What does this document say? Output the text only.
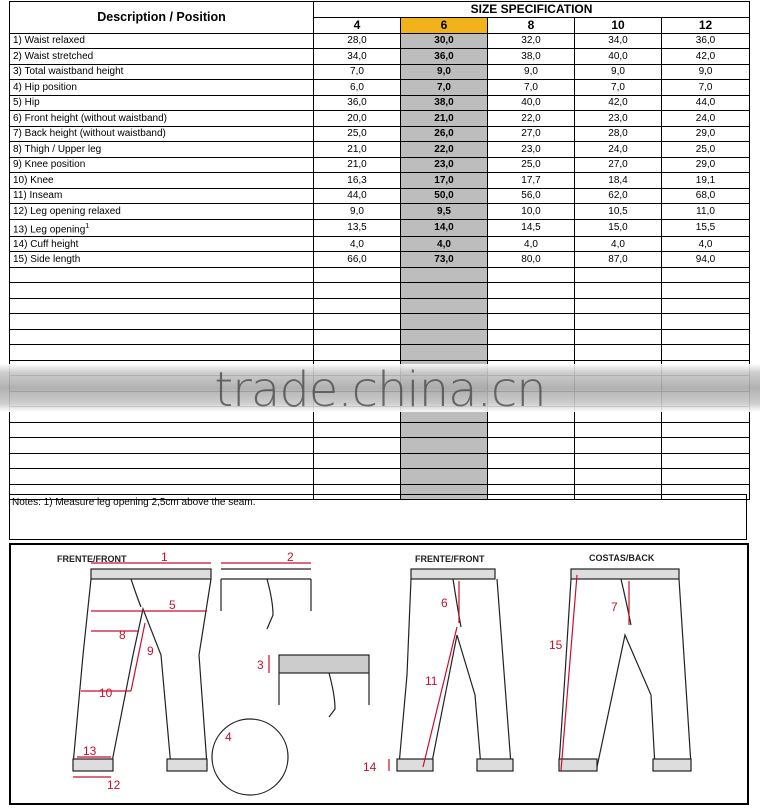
Description / Position	SIZE SPECIFICATION				
	4	6	8	10	12
1) Waist relaxed	28,0	30,0	32,0	34,0	36,0
2) Waist stretched	34,0	36,0	38,0	40,0	42,0
3) Total waistband height	7,0	9,0	9,0	9,0	9,0
4) Hip position	6,0	7,0	7,0	7,0	7,0
5) Hip	36,0	38,0	40,0	42,0	44,0
6) Front height (without waistband)	20,0	21,0	22,0	23,0	24,0
7) Back height (without waistband)	25,0	26,0	27,0	28,0	29,0
8) Thigh / Upper leg	21,0	22,0	23,0	24,0	25,0
9) Knee position	21,0	23,0	25,0	27,0	29,0
10) Knee	16,3	17,0	17,7	18,4	19,1
11) Inseam	44,0	50,0	56,0	62,0	68,0
12) Leg opening relaxed	9,0	9,5	10,0	10,5	11,0
13) Leg opening$^1$	13,5	14,0	14,5	15,0	15,5
14) Cuff height	4,0	4,0	4,0	4,0	4,0
15) Side length	66,0	73,0	80,0	87,0	94,0

trade.china.cn
Notes: 1) Measure leg opening 2,5cm above the seam.
1	2
3
4
5	6	7
8
9
10
11
12
13
14
15
FRENTE/FRONT	FRENTE/FRONT	COSTAS/BACK
